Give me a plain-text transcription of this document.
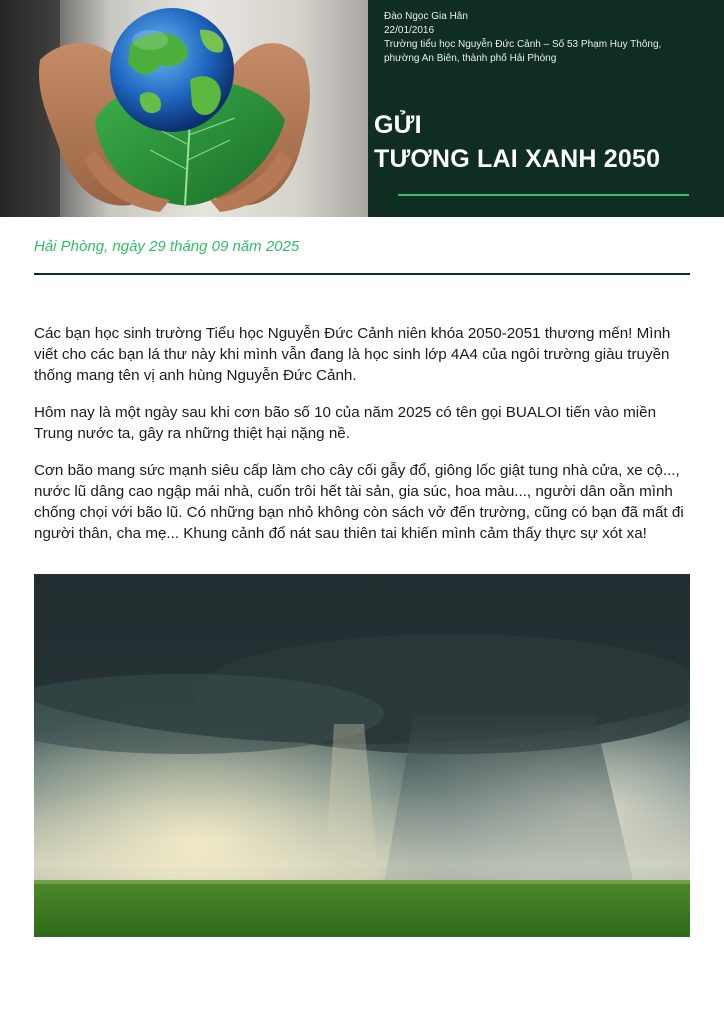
Đào Ngọc Gia Hân
22/01/2016
Trường tiểu học Nguyễn Đức Cảnh – Số 53 Phạm Huy Thông,
phường An Biên, thành phố Hải Phòng
GỬI
TƯƠNG LAI XANH 2050
Hải Phòng, ngày 29 tháng 09 năm 2025

Các bạn học sinh trường Tiểu học Nguyễn Đức Cảnh niên khóa 2050-2051 thương mến! Mình viết cho các bạn lá thư này khi mình vẫn đang là học sinh lớp 4A4 của ngôi trường giàu truyền thống mang tên vị anh hùng Nguyễn Đức Cảnh.

Hôm nay là một ngày sau khi cơn bão số 10 của năm 2025 có tên gọi BUALOI tiến vào miền Trung nước ta, gây ra những thiệt hại nặng nề.

Cơn bão mang sức mạnh siêu cấp làm cho cây cối gẫy đổ, giông lốc giật tung nhà cửa, xe cộ..., nước lũ dâng cao ngập mái nhà, cuốn trôi hết tài sản, gia súc, hoa màu..., người dân oằn mình chống chọi với bão lũ. Có những bạn nhỏ không còn sách vở đến trường, cũng có bạn đã mất đi người thân, cha mẹ... Khung cảnh đổ nát sau thiên tai khiến mình cảm thấy thực sự xót xa!
